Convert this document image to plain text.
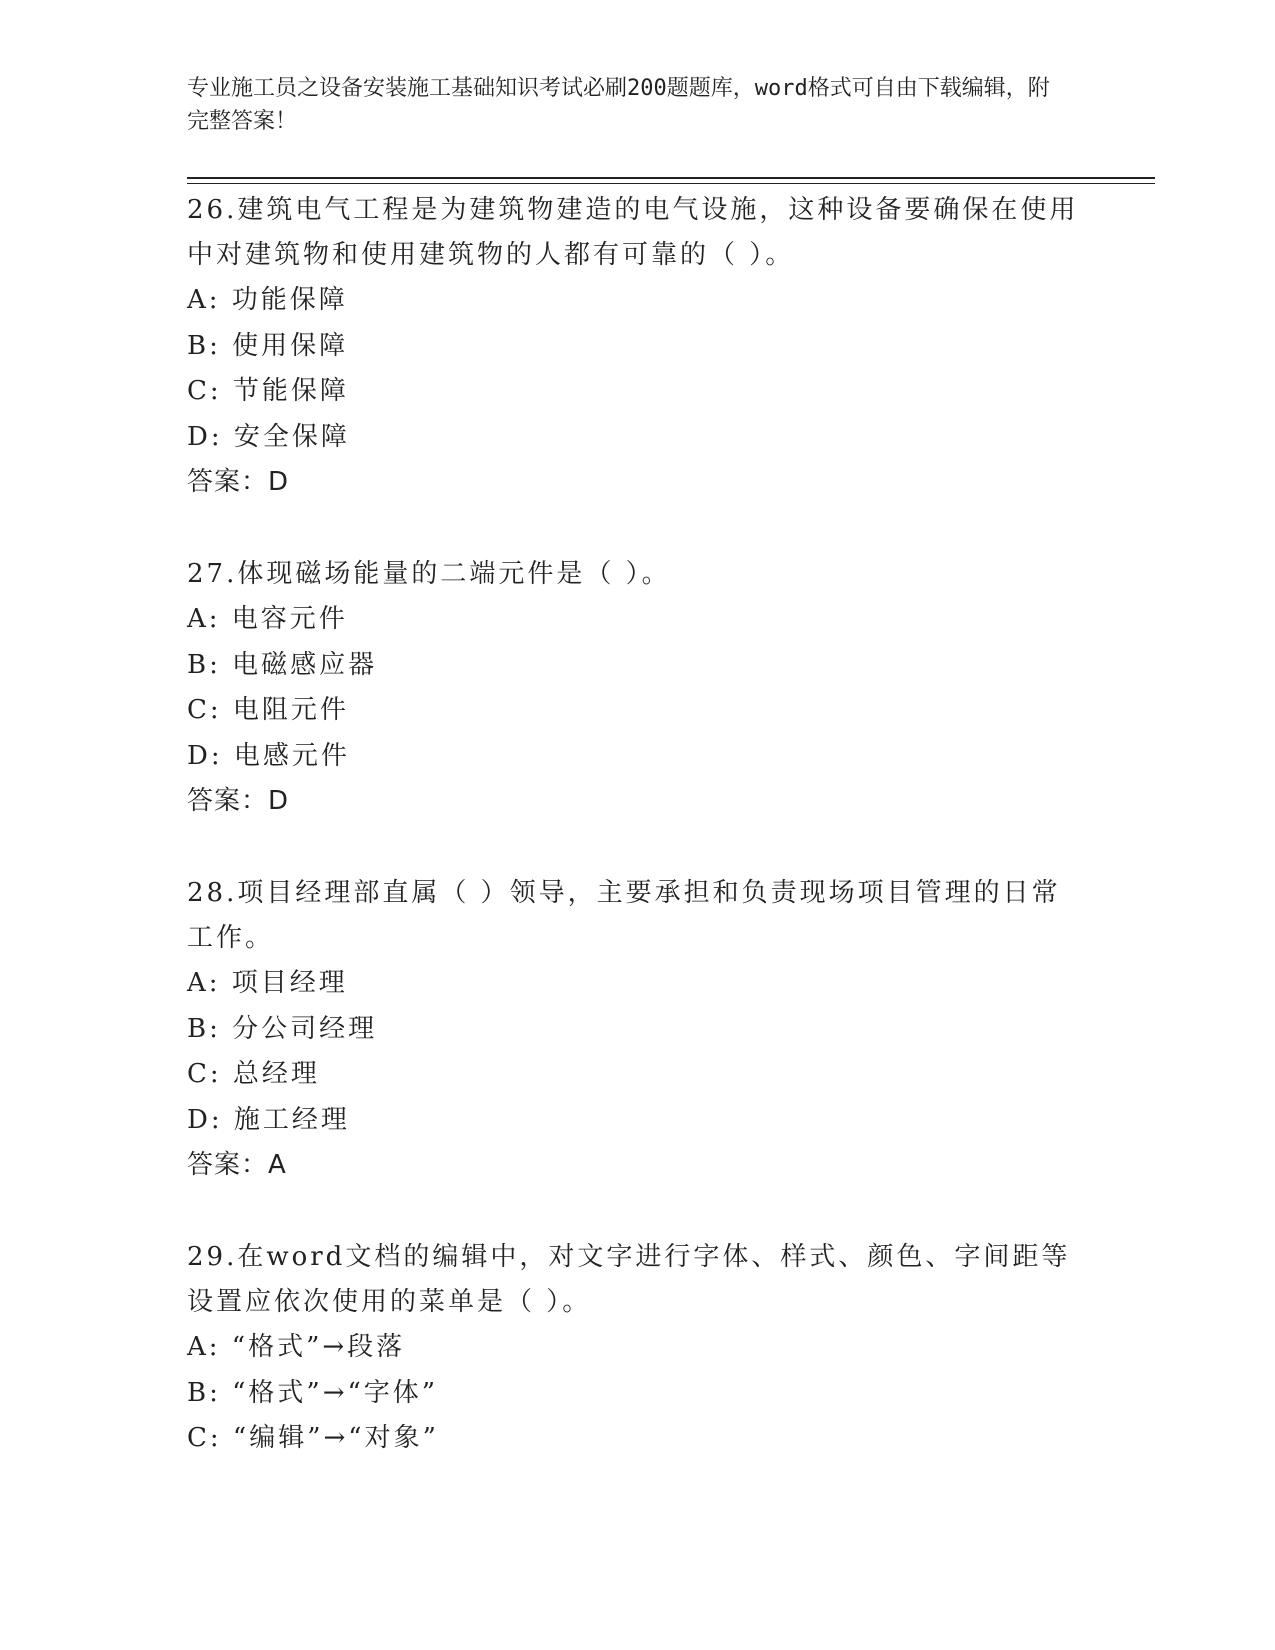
专业施工员之设备安装施工基础知识考试必刷200题题库，word格式可自由下载编辑，附完整答案！

26.建筑电气工程是为建筑物建造的电气设施，这种设备要确保在使用中对建筑物和使用建筑物的人都有可靠的（ ）。

A: 功能保障

B: 使用保障

C: 节能保障

D: 安全保障

答案：D

27.体现磁场能量的二端元件是（ ）。

A: 电容元件

B: 电磁感应器

C: 电阻元件

D: 电感元件

答案：D

28.项目经理部直属（ ）领导，主要承担和负责现场项目管理的日常工作。

A: 项目经理

B: 分公司经理

C: 总经理

D: 施工经理

答案：A

29.在word文档的编辑中，对文字进行字体、样式、颜色、字间距等设置应依次使用的菜单是（ ）。

A: “格式”→段落

B: “格式”→“字体”

C: “编辑”→“对象”
